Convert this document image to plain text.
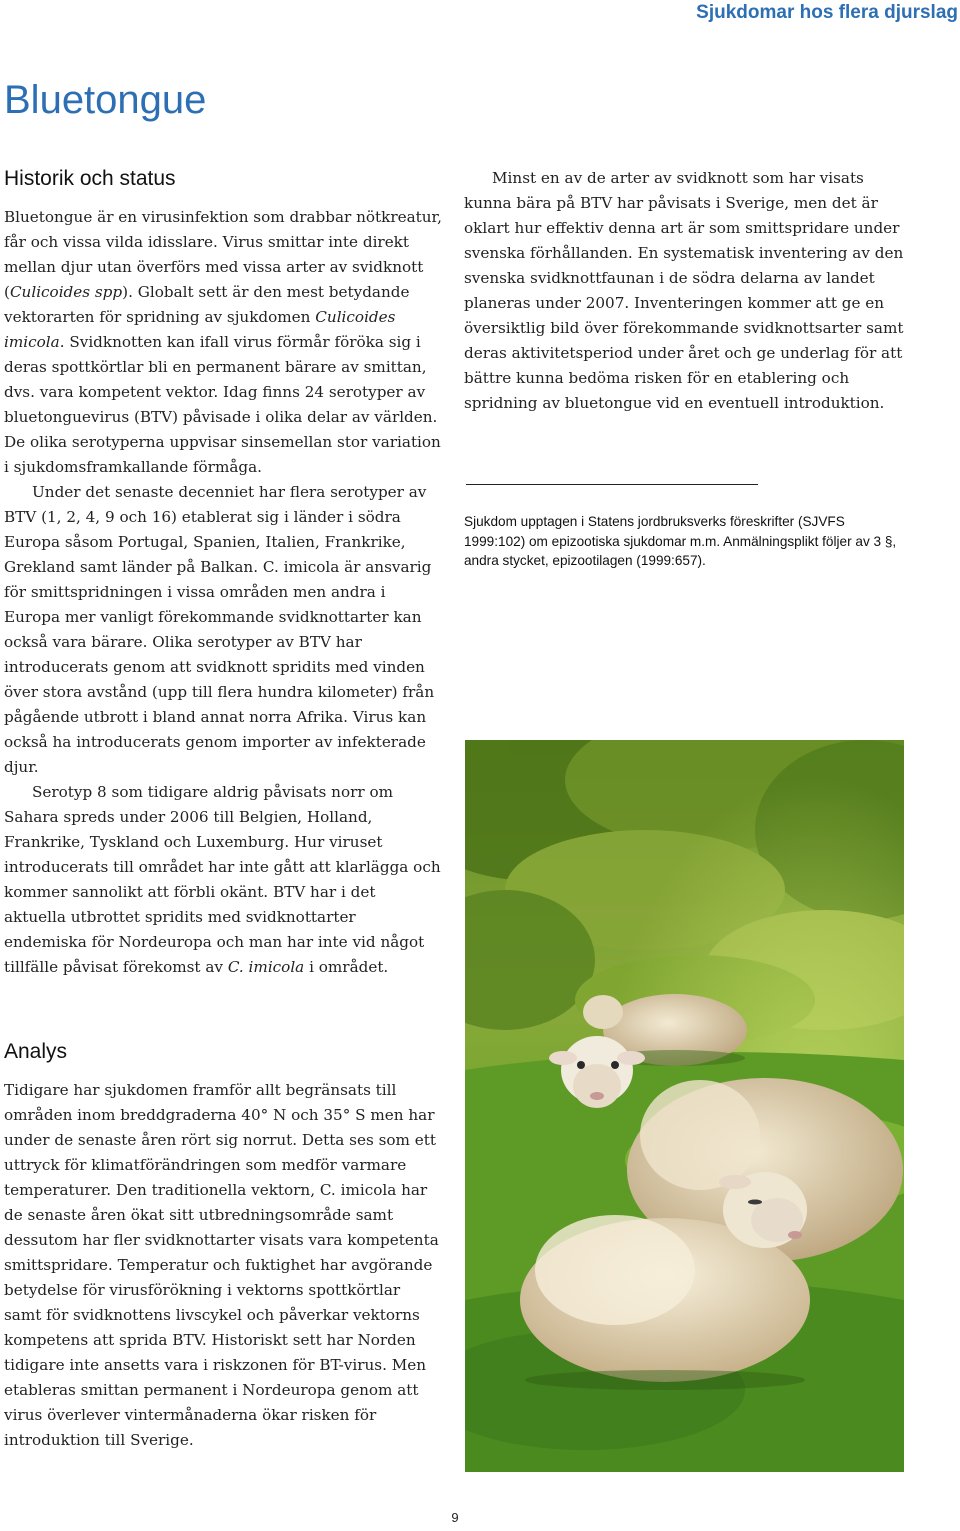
Sjukdomar hos flera djurslag
Bluetongue
Historik och status

Bluetongue är en virusinfektion som drabbar nötkreatur, får och vissa vilda idisslare. Virus smittar inte direkt mellan djur utan överförs med vissa arter av svidknott (Culicoides spp). Globalt sett är den mest betydande vektorarten för spridning av sjukdomen Culicoides imicola. Svidknotten kan ifall virus förmår föröka sig i deras spottkörtlar bli en permanent bärare av smittan, dvs. vara kompetent vektor. Idag finns 24 serotyper av bluetonguevirus (BTV) påvisade i olika delar av världen. De olika serotyperna uppvisar sinsemellan stor variation i sjukdomsframkallande förmåga.

Under det senaste decenniet har flera serotyper av BTV (1, 2, 4, 9 och 16) etablerat sig i länder i södra Europa såsom Portugal, Spanien, Italien, Frankrike, Grekland samt länder på Balkan. C. imicola är ansvarig för smittspridningen i vissa områden men andra i Europa mer vanligt förekommande svidknottarter kan också vara bärare. Olika serotyper av BTV har introducerats genom att svidknott spridits med vinden över stora avstånd (upp till flera hundra kilometer) från pågående utbrott i bland annat norra Afrika. Virus kan också ha introducerats genom importer av infekterade djur.

Serotyp 8 som tidigare aldrig påvisats norr om Sahara spreds under 2006 till Belgien, Holland, Frankrike, Tyskland och Luxemburg. Hur viruset introducerats till området har inte gått att klarlägga och kommer sannolikt att förbli okänt. BTV har i det aktuella utbrottet spridits med svidknottarter endemiska för Nordeuropa och man har inte vid något tillfälle påvisat förekomst av C. imicola i området.

Minst en av de arter av svidknott som har visats kunna bära på BTV har påvisats i Sverige, men det är oklart hur effektiv denna art är som smittspridare under svenska förhållanden. En systematisk inventering av den svenska svidknottfaunan i de södra delarna av landet planeras under 2007. Inventeringen kommer att ge en översiktlig bild över förekommande svidknottsarter samt deras aktivitetsperiod under året och ge underlag för att bättre kunna bedöma risken för en etablering och spridning av bluetongue vid en eventuell introduktion.

Sjukdom upptagen i Statens jordbruksverks föreskrifter (SJVFS 1999:102) om epizootiska sjukdomar m.m. Anmälningsplikt följer av 3 §, andra stycket, epizootilagen (1999:657).
Analys

Tidigare har sjukdomen framför allt begränsats till områden inom breddgraderna 40° N och 35° S men har under de senaste åren rört sig norrut. Detta ses som ett uttryck för klimatförändringen som medför varmare temperaturer. Den traditionella vektorn, C. imicola har de senaste åren ökat sitt utbredningsområde samt dessutom har fler svidknottarter visats vara kompetenta smittspridare. Temperatur och fuktighet har avgörande betydelse för virusförökning i vektorns spottkörtlar samt för svidknottens livscykel och påverkar vektorns kompetens att sprida BTV. Historiskt sett har Norden tidigare inte ansetts vara i riskzonen för BT-virus. Men etableras smittan permanent i Nordeuropa genom att virus överlever vintermånaderna ökar risken för introduktion till Sverige.

9
